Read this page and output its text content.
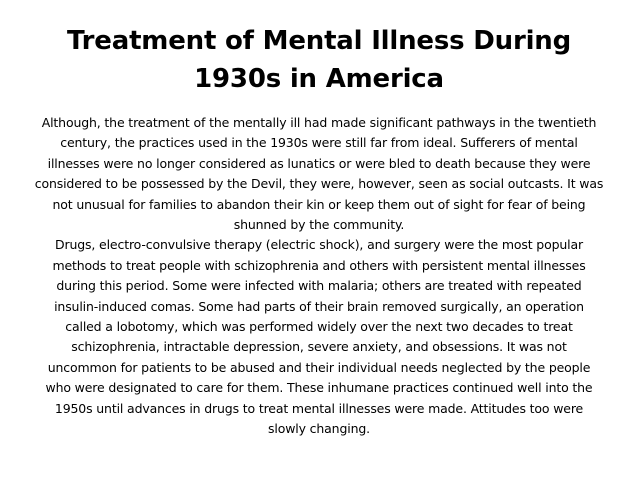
Treatment of Mental Illness During
1930s in America

Although, the treatment of the mentally ill had made significant pathways in the twentieth
century, the practices used in the 1930s were still far from ideal. Sufferers of mental
illnesses were no longer considered as lunatics or were bled to death because they were
considered to be possessed by the Devil, they were, however, seen as social outcasts. It was
not unusual for families to abandon their kin or keep them out of sight for fear of being
shunned by the community.

Drugs, electro-convulsive therapy (electric shock), and surgery were the most popular
methods to treat people with schizophrenia and others with persistent mental illnesses
during this period. Some were infected with malaria; others are treated with repeated
insulin-induced comas. Some had parts of their brain removed surgically, an operation
called a lobotomy, which was performed widely over the next two decades to treat
schizophrenia, intractable depression, severe anxiety, and obsessions. It was not
uncommon for patients to be abused and their individual needs neglected by the people
who were designated to care for them. These inhumane practices continued well into the
1950s until advances in drugs to treat mental illnesses were made. Attitudes too were
slowly changing.
